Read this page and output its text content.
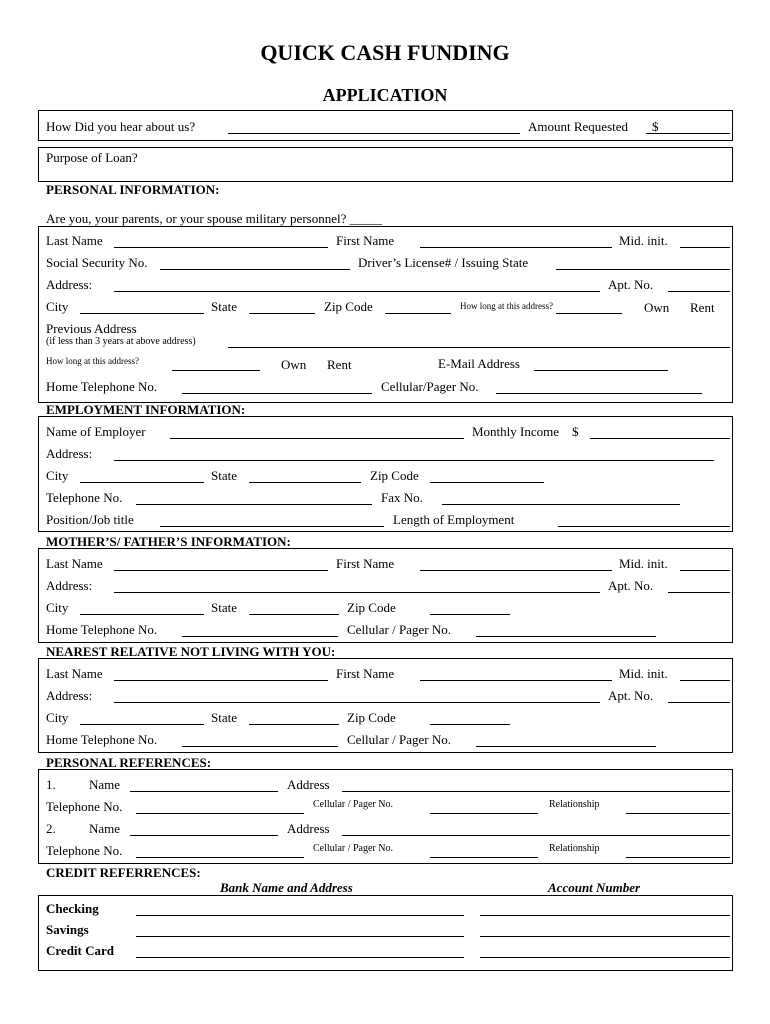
QUICK CASH FUNDING
APPLICATION
How Did you hear about us?	Amount Requested $
Purpose of Loan?
PERSONAL INFORMATION:
Are you, your parents, or your spouse military personnel? _____
Last Name	First Name	Mid. init.
Social Security No.	Driver’s License# / Issuing State
Address:	Apt. No.
City	State	Zip Code	How long at this address?	Own Rent
Previous Address
(if less than 3 years at above address)
How long at this address?	Own Rent	E-Mail Address
Home Telephone No.	Cellular/Pager No.
EMPLOYMENT INFORMATION:
Name of Employer	Monthly Income $
Address:
City	State	Zip Code
Telephone No.	Fax No.
Position/Job title	Length of Employment
MOTHER’S/ FATHER’S INFORMATION:
Last Name	First Name	Mid. init.
Address:	Apt. No.
City	State	Zip Code
Home Telephone No.	Cellular / Pager No.
NEAREST RELATIVE NOT LIVING WITH YOU:
Last Name	First Name	Mid. init.
Address:	Apt. No.
City	State	Zip Code
Home Telephone No.	Cellular / Pager No.
PERSONAL REFERENCES:
1.	Name	Address
Telephone No.	Cellular / Pager No.	Relationship
2.	Name	Address
Telephone No.	Cellular / Pager No.	Relationship
CREDIT REFERRENCES:
Bank Name and Address	Account Number
Checking
Savings
Credit Card
